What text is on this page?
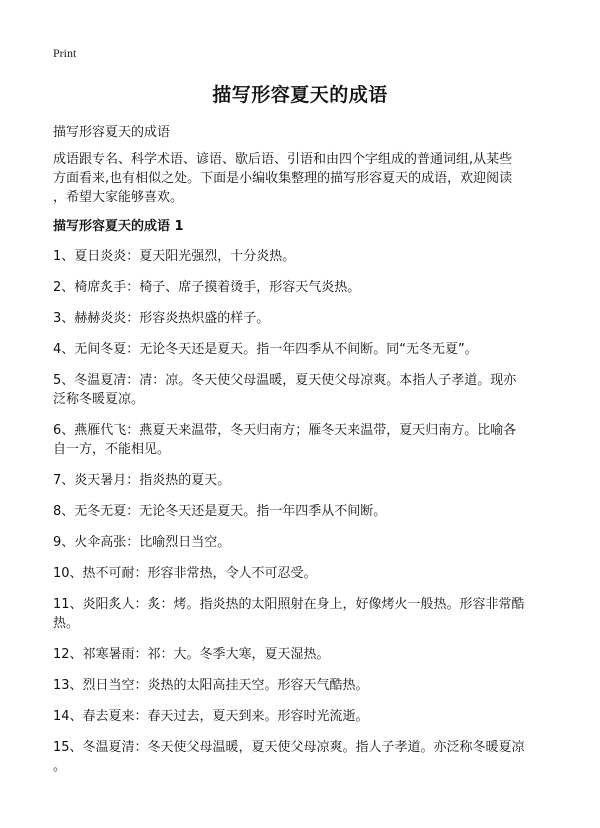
Print
描写形容夏天的成语
描写形容夏天的成语
成语跟专名、科学术语、谚语、歇后语、引语和由四个字组成的普通词组,从某些
方面看来,也有相似之处。下面是小编收集整理的描写形容夏天的成语，欢迎阅读
，希望大家能够喜欢。
描写形容夏天的成语 1
1、夏日炎炎：夏天阳光强烈，十分炎热。
2、椅席炙手：椅子、席子摸着烫手，形容天气炎热。
3、赫赫炎炎：形容炎热炽盛的样子。
4、无间冬夏：无论冬天还是夏天。指一年四季从不间断。同“无冬无夏”。
5、冬温夏凊：凊：凉。冬天使父母温暖，夏天使父母凉爽。本指人子孝道。现亦
泛称冬暖夏凉。
6、燕雁代飞：燕夏天来温带，冬天归南方；雁冬天来温带，夏天归南方。比喻各
自一方，不能相见。
7、炎天暑月：指炎热的夏天。
8、无冬无夏：无论冬天还是夏天。指一年四季从不间断。
9、火伞高张：比喻烈日当空。
10、热不可耐：形容非常热，令人不可忍受。
11、炎阳炙人：炙：烤。指炎热的太阳照射在身上，好像烤火一般热。形容非常酷
热。
12、祁寒暑雨：祁：大。冬季大寒，夏天湿热。
13、烈日当空：炎热的太阳高挂天空。形容天气酷热。
14、春去夏来：春天过去，夏天到来。形容时光流逝。
15、冬温夏清：冬天使父母温暖，夏天使父母凉爽。指人子孝道。亦泛称冬暖夏凉
。
